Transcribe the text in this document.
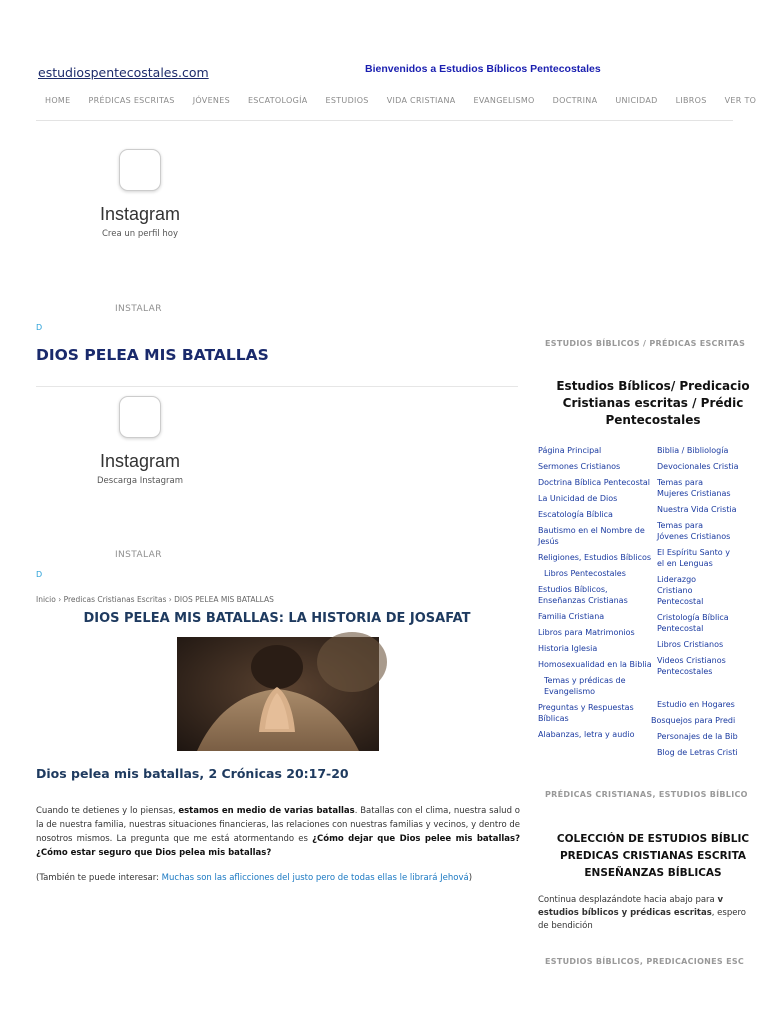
estudiospentecostales.com	Bienvenidos a Estudios Bíblicos Pentecostales
HOME PRÉDICAS ESCRITAS JÓVENES ESCATOLOGÍA ESTUDIOS VIDA CRISTIANA EVANGELISMO DOCTRINA UNICIDAD LIBROS VER TO
Instagram
Crea un perfil hoy
INSTALAR
D
DIOS PELEA MIS BATALLAS
Instagram
Descarga Instagram
INSTALAR
D
Inicio › Predicas Cristianas Escritas › DIOS PELEA MIS BATALLAS
DIOS PELEA MIS BATALLAS: LA HISTORIA DE JOSAFAT
Dios pelea mis batallas, 2 Crónicas 20:17-20
Cuando te detienes y lo piensas, estamos en medio de varias batallas. Batallas con el clima, nuestra salud o la de nuestra familia, nuestras situaciones financieras, las relaciones con nuestras familias y vecinos, y dentro de nosotros mismos. La pregunta que me está atormentando es ¿Cómo dejar que Dios pelee mis batallas? ¿Cómo estar seguro que Dios pelea mis batallas?
(También te puede interesar: Muchas son las aflicciones del justo pero de todas ellas le librará Jehová)
ESTUDIOS BÍBLICOS / PRÉDICAS ESCRITAS
Estudios Bíblicos/ Predicacio
Cristianas escritas / Prédic
Pentecostales
Página Principal
Sermones Cristianos
Doctrina Bíblica Pentecostal
La Unicidad de Dios
Escatología Bíblica
Bautismo en el Nombre de Jesús
Religiones, Estudios Bíblicos
Libros Pentecostales
Estudios Bíblicos, Enseñanzas Cristianas
Familia Cristiana
Libros para Matrimonios
Historia Iglesia
Homosexualidad en la Biblia
Temas y prédicas de Evangelismo
Preguntas y Respuestas Bíblicas
Alabanzas, letra y audio
Biblia / Bibliología
Devocionales Cristia
Temas para Mujeres Cristianas
Nuestra Vida Cristia
Temas para Jóvenes Cristianos
El Espíritu Santo y el en Lenguas
Liderazgo Cristiano Pentecostal
Cristología Bíblica Pentecostal
Libros Cristianos
Videos Cristianos Pentecostales
Estudio en Hogares
Bosquejos para Predi
Personajes de la Bib
Blog de Letras Cristi
PRÉDICAS CRISTIANAS, ESTUDIOS BÍBLICO
COLECCIÓN DE ESTUDIOS BÍBLIC
PREDICAS CRISTIANAS ESCRITA
ENSEÑANZAS BÍBLICAS
Continua desplazándote hacia abajo para v
estudios bíblicos y prédicas escritas, espero
de bendición
ESTUDIOS BÍBLICOS, PREDICACIONES ESC
